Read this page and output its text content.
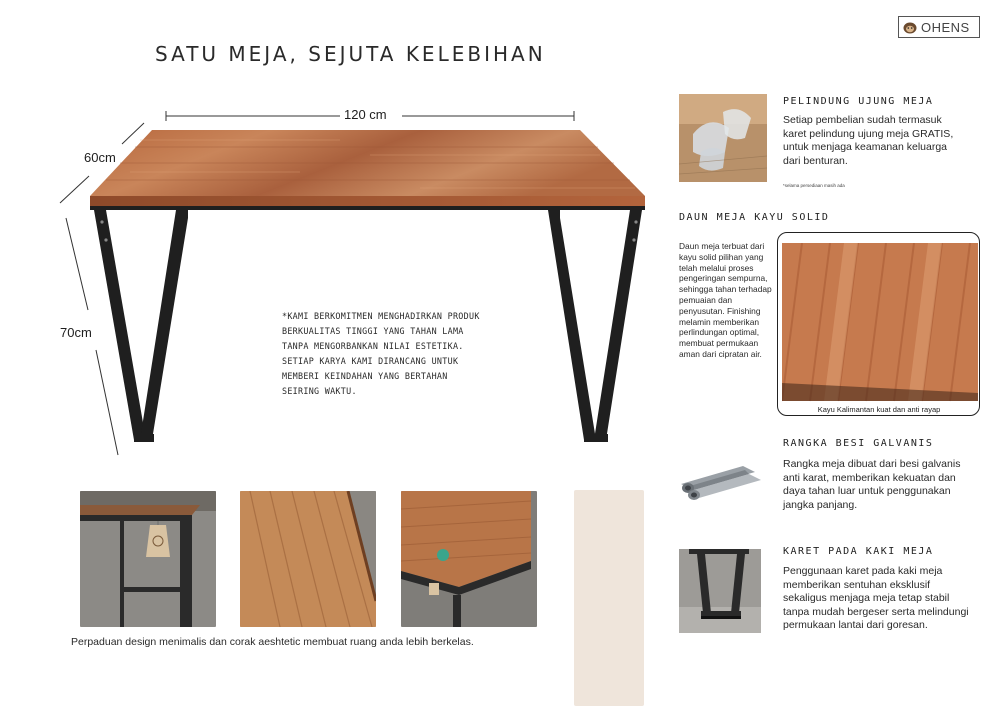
SATU MEJA, SEJUTA KELEBIHAN
OHENS
120 cm
60cm
70cm
*KAMI BERKOMITMEN MENGHADIRKAN PRODUK BERKUALITAS TINGGI YANG TAHAN LAMA TANPA MENGORBANKAN NILAI ESTETIKA. SETIAP KARYA KAMI DIRANCANG UNTUK MEMBERI KEINDAHAN YANG BERTAHAN SEIRING WAKTU.
Perpaduan design menimalis dan corak aeshtetic membuat ruang anda lebih berkelas.
PELINDUNG UJUNG MEJA
Setiap pembelian sudah termasuk karet pelindung ujung meja GRATIS, untuk menjaga keamanan keluarga dari benturan.
*selama persediaan masih ada
DAUN MEJA KAYU SOLID
Daun meja terbuat dari kayu solid pilihan yang telah melalui proses pengeringan sempurna, sehingga tahan terhadap pemuaian dan penyusutan. Finishing melamin memberikan perlindungan optimal, membuat permukaan aman dari cipratan air.
Kayu Kalimantan kuat dan anti rayap
RANGKA BESI GALVANIS
Rangka meja dibuat dari besi galvanis anti karat, memberikan kekuatan dan daya tahan luar untuk penggunakan jangka panjang.
KARET PADA KAKI MEJA
Penggunaan karet pada kaki meja memberikan sentuhan eksklusif sekaligus menjaga meja tetap stabil tanpa mudah bergeser serta melindungi permukaan lantai dari goresan.
